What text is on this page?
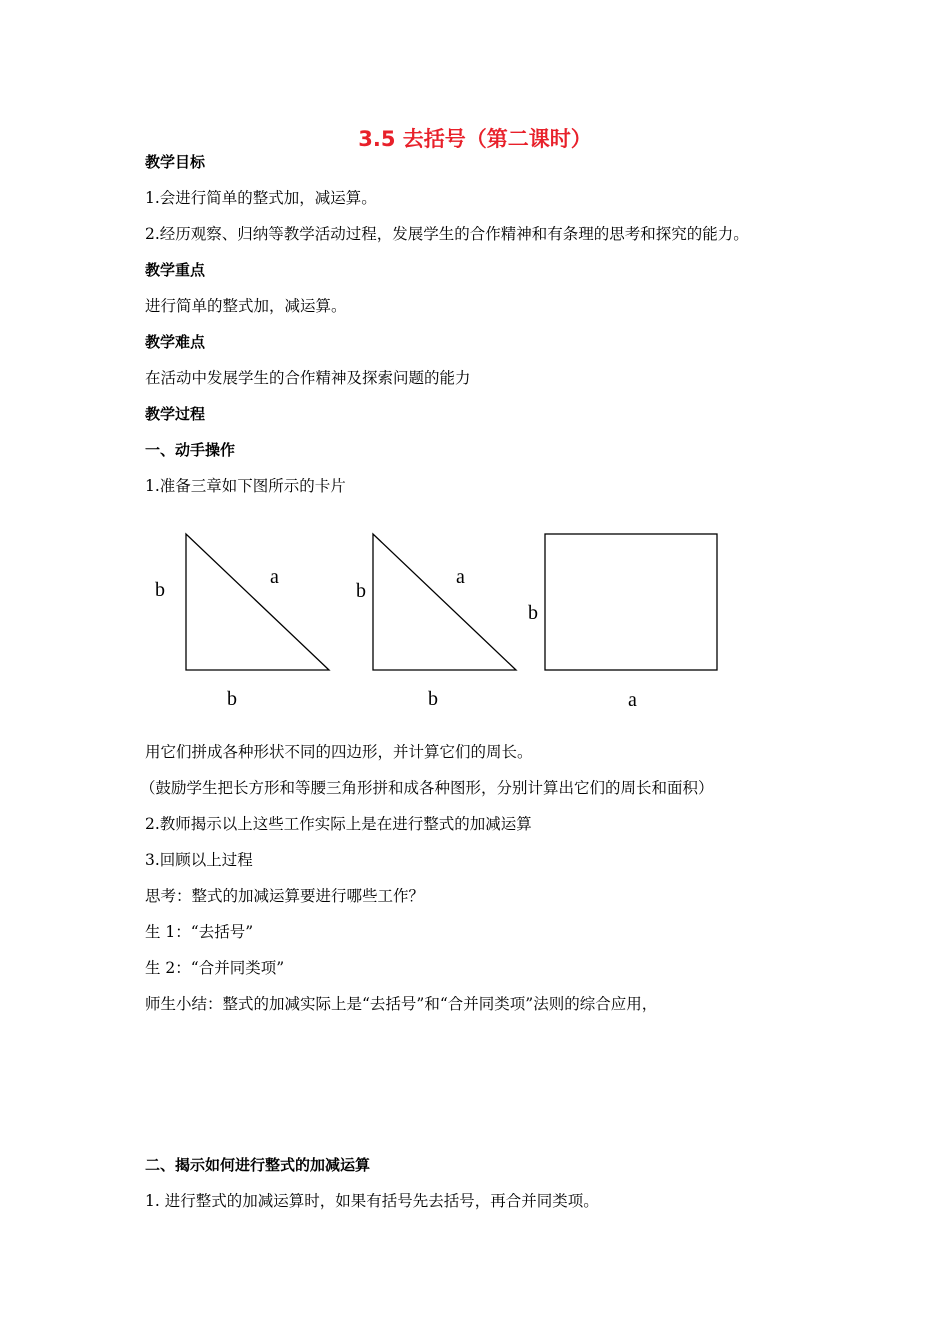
3.5 去括号（第二课时）
教学目标
1.会进行简单的整式加，减运算。
2.经历观察、归纳等教学活动过程，发展学生的合作精神和有条理的思考和探究的能力。
教学重点
进行简单的整式加，减运算。
教学难点
在活动中发展学生的合作精神及探索问题的能力
教学过程
一、动手操作
1.准备三章如下图所示的卡片
b
a
b
b
a
b
b
a
用它们拼成各种形状不同的四边形，并计算它们的周长。
（鼓励学生把长方形和等腰三角形拼和成各种图形，分别计算出它们的周长和面积）
2.教师揭示以上这些工作实际上是在进行整式的加减运算
3.回顾以上过程
思考：整式的加减运算要进行哪些工作？
生 1：“去括号”
生 2：“合并同类项”
师生小结：整式的加减实际上是“去括号”和“合并同类项”法则的综合应用，
二、揭示如何进行整式的加减运算
1. 进行整式的加减运算时，如果有括号先去括号，再合并同类项。
